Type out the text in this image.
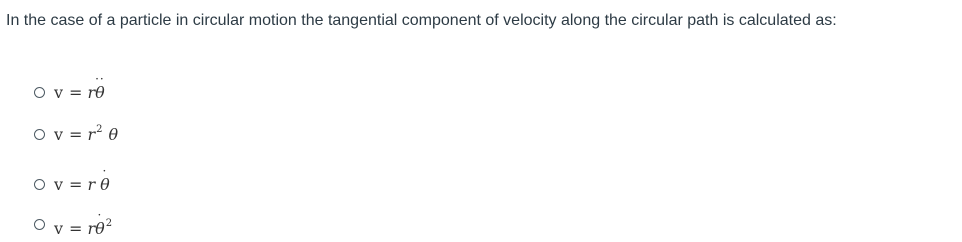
In the case of a particle in circular motion the tangential component of velocity along the circular path is calculated as:
v = r θ
··
v = r 2 θ
v = r θ
·
v = r θ
·
2
